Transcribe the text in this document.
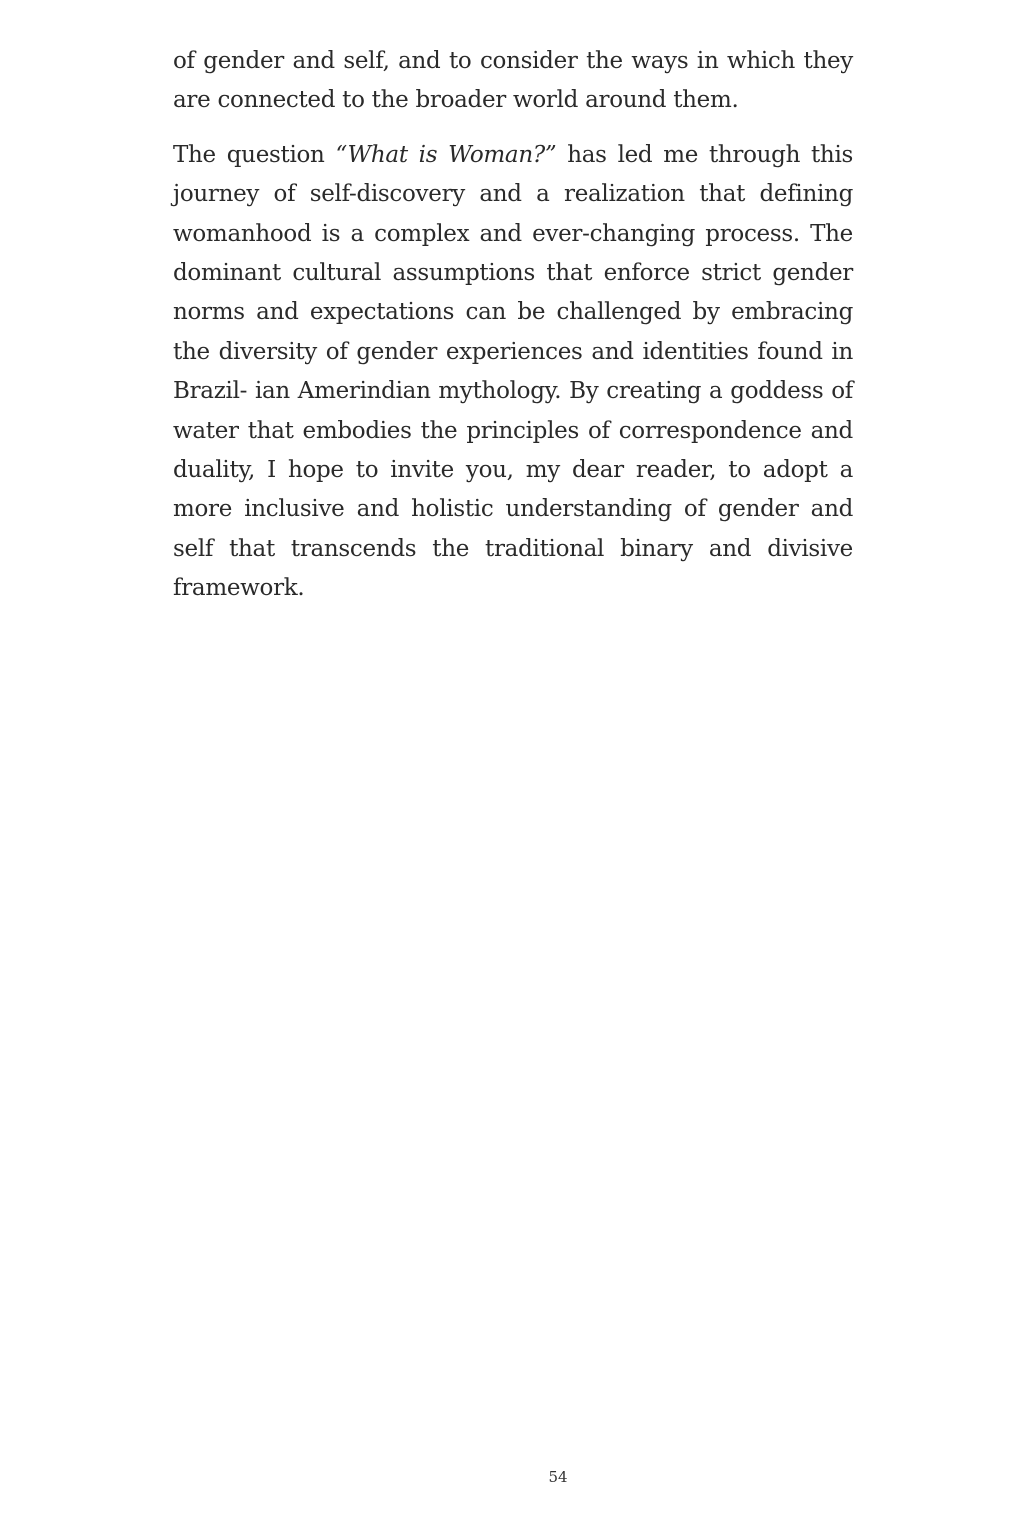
of gender and self, and to consider the ways in which they are connected to the broader world around them.

The question “What is Woman?” has led me through this journey of self-discovery and a realization that defining womanhood is a complex and ever-changing process. The dominant cultural assumptions that enforce strict gender norms and expectations can be challenged by embracing the diversity of gender experiences and identities found in Brazil- ian Amerindian mythology. By creating a goddess of water that embodies the principles of correspondence and duality, I hope to invite you, my dear reader, to adopt a more inclusive and holistic understanding of gender and self that transcends the traditional binary and divisive framework.

54
